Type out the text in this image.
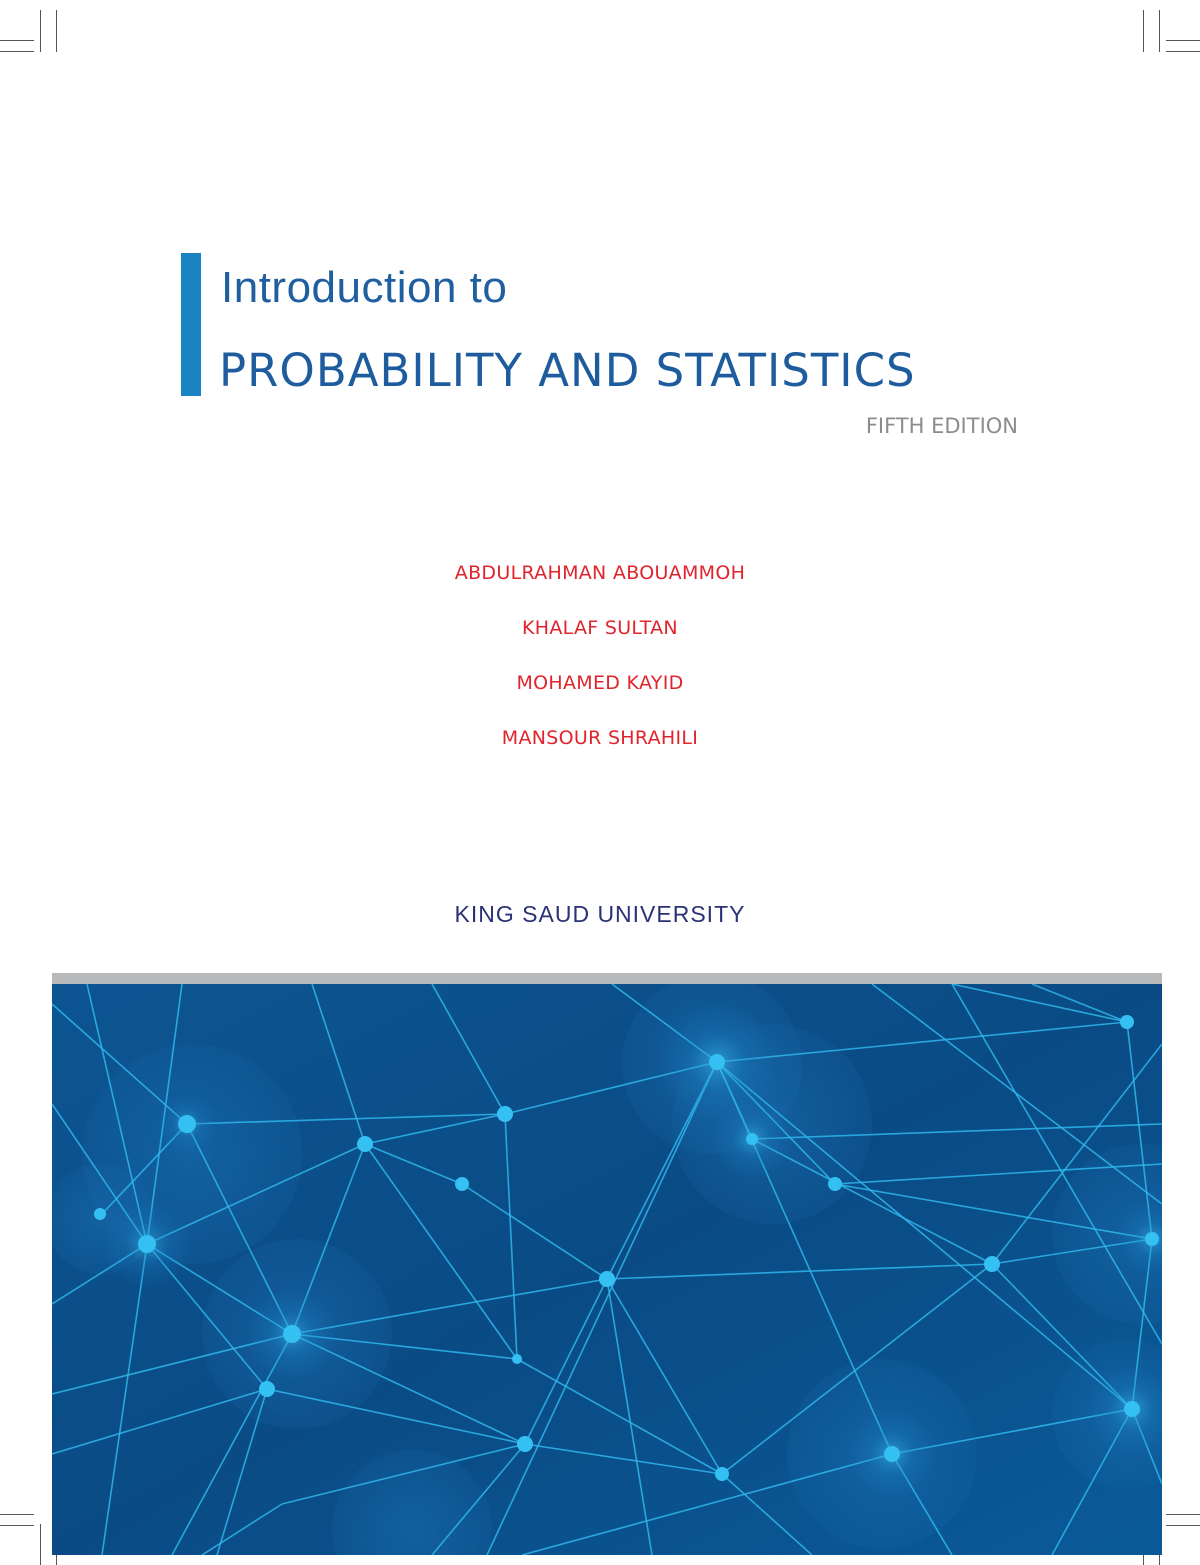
Introduction to
PROBABILITY AND STATISTICS
FIFTH EDITION
ABDULRAHMAN ABOUAMMOH
KHALAF SULTAN
MOHAMED KAYID
MANSOUR SHRAHILI
KING SAUD UNIVERSITY
